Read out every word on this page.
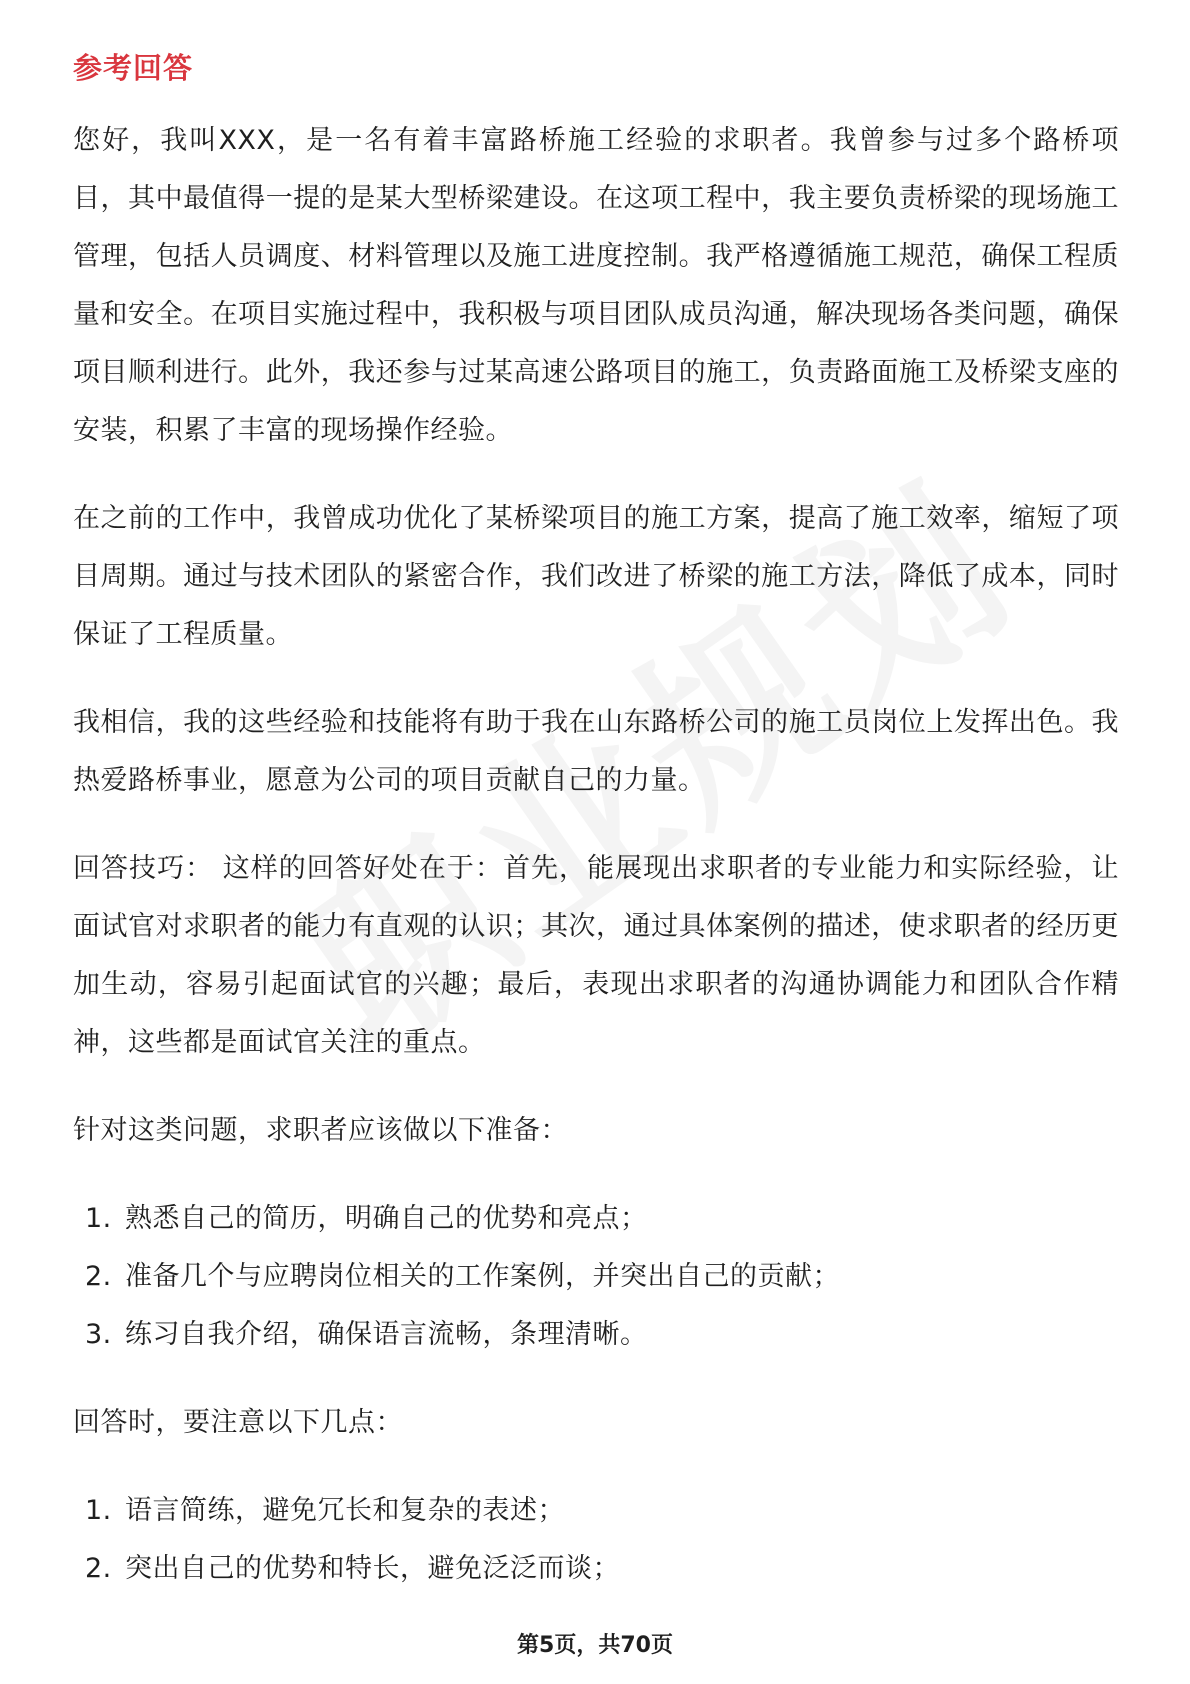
参考回答

您好，我叫XXX，是一名有着丰富路桥施工经验的求职者。我曾参与过多个路桥项目，其中最值得一提的是某大型桥梁建设。在这项工程中，我主要负责桥梁的现场施工管理，包括人员调度、材料管理以及施工进度控制。我严格遵循施工规范，确保工程质量和安全。在项目实施过程中，我积极与项目团队成员沟通，解决现场各类问题，确保项目顺利进行。此外，我还参与过某高速公路项目的施工，负责路面施工及桥梁支座的安装，积累了丰富的现场操作经验。

在之前的工作中，我曾成功优化了某桥梁项目的施工方案，提高了施工效率，缩短了项目周期。通过与技术团队的紧密合作，我们改进了桥梁的施工方法，降低了成本，同时保证了工程质量。

我相信，我的这些经验和技能将有助于我在山东路桥公司的施工员岗位上发挥出色。我热爱路桥事业，愿意为公司的项目贡献自己的力量。

回答技巧： 这样的回答好处在于：首先，能展现出求职者的专业能力和实际经验，让面试官对求职者的能力有直观的认识；其次，通过具体案例的描述，使求职者的经历更加生动，容易引起面试官的兴趣；最后，表现出求职者的沟通协调能力和团队合作精神，这些都是面试官关注的重点。

针对这类问题，求职者应该做以下准备：

1. 熟悉自己的简历，明确自己的优势和亮点；
2. 准备几个与应聘岗位相关的工作案例，并突出自己的贡献；
3. 练习自我介绍，确保语言流畅，条理清晰。

回答时，要注意以下几点：

1. 语言简练，避免冗长和复杂的表述；
2. 突出自己的优势和特长，避免泛泛而谈；
第5页，共70页
